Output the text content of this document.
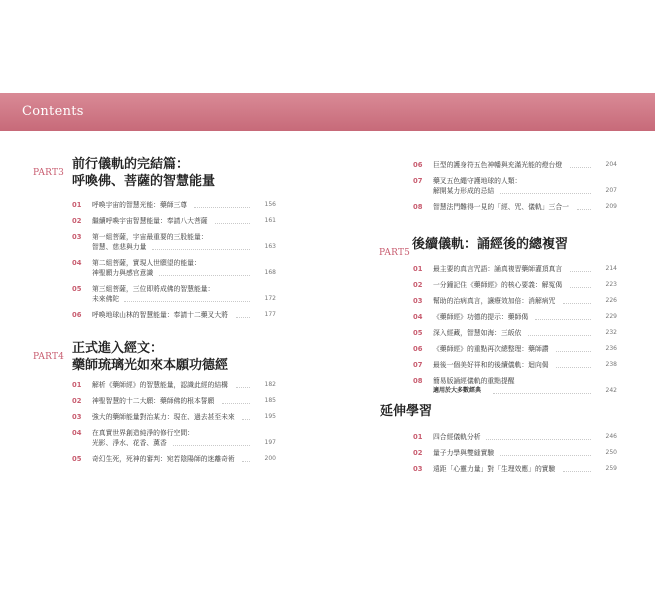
Contents
PART3
前行儀軌的完結篇：
呼喚佛、菩薩的智慧能量
PART4
正式進入經文：
藥師琉璃光如來本願功德經
PART5
後續儀軌：誦經後的總複習
延伸學習
01 呼喚宇宙的智慧光能：藥師三尊	156
02 繼續呼喚宇宙智慧能量：奉請八大菩薩	161
03 第一組菩薩，宇宙最重要的三股能量：
智慧、慈悲與力量	163
04 第二組菩薩，實現人世願望的能量：
神聖願力與感官意識	168
05 第三組菩薩，三位即將成佛的智慧能量：
未來佛陀	172
06 呼喚地球山林的智慧能量：奉請十二藥叉大將	177
01 解析《藥師經》的智慧能量，認識此經的結構	182
02 神聖智慧的十二大願：藥師佛的根本誓願	185
03 強大的藥師能量對治某力：現在、過去甚至未來	195
04 在真實世界創造純淨的修行空間：
光影、淨水、花香、薰香	197
05 奇幻生死，死神的審判：宛若陰陽師的迷離奇術	200
06 巨型的護身符五色神幡與充滿光能的燈台燈	204
07 藥叉五色繩守護地球的人類：
解開某力形成的忌結	207
08 智慧法門難得一見的「經、咒、儀軌」三合一	209
01 最主要的真言咒語：誦真複習藥師灌頂真言	214
02 一分鐘記住《藥師經》的核心要義：解冤偈	223
03 幫助的治病真言，讓療效加倍：消解病咒	226
04 《藥師經》功德的提示：藥師偈	229
05 深入經藏，智慧如海：三皈依	232
06 《藥師經》的重點再次總整理：藥師讚	236
07 最後一個美好祥和的後續儀軌：迴向偈	238
08 簡易版誦經儀軌的重點提醒
適用於大多數經典	242
01 四合經儀軌分析	246
02 量子力學與雙縫實驗	250
03 遠距「心靈力量」對「生理效應」的實驗	259
